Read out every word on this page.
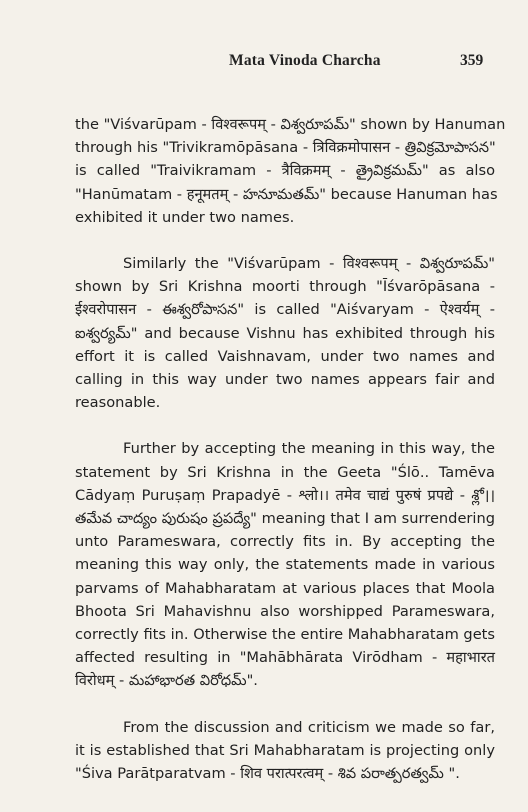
Mata Vinoda Charcha	359
the "Viśvarūpam - विश्वरूपम् - విశ్వరూపమ్" shown by Hanuman
through his "Trivikramōpāsana - त्रिविक्रमोपासन - త్రివిక్రమోపాసన"
is called "Traivikramam - त्रैविक्रमम् - త్రైవిక్రమమ్" as also
"Hanūmatam - हनूमतम् - హనూమతమ్" because Hanuman has
exhibited it under two names.
Similarly the "Viśvarūpam - विश्वरूपम् - విశ్వరూపమ్"
shown by Sri Krishna moorti through "Īśvarōpāsana -
ईश्वरोपासन - ఈశ్వరోపాసన" is called "Aiśvaryam - ऐश्वर्यम् -
ఐశ్వర్యమ్" and because Vishnu has exhibited through his
effort it is called Vaishnavam, under two names and
calling in this way under two names appears fair and
reasonable.
Further by accepting the meaning in this way, the
statement by Sri Krishna in the Geeta "Ślō.. Tamēva
Cādyaṃ Puruṣaṃ Prapadyē - श्लो।। तमेव चाद्यं पुरुषं प्रपद्ये - శ్లో।।
తమేవ చాద్యం పురుషం ప్రపద్యే" meaning that I am surrendering
unto Parameswara, correctly fits in. By accepting the
meaning this way only, the statements made in various
parvams of Mahabharatam at various places that Moola
Bhoota Sri Mahavishnu also worshipped Parameswara,
correctly fits in. Otherwise the entire Mahabharatam gets
affected resulting in "Mahābhārata Virōdham - महाभारत
विरोधम् - మహాభారత విరోధమ్".
From the discussion and criticism we made so far,
it is established that Sri Mahabharatam is projecting only
"Śiva Parātparatvam - शिव परात्परत्वम् - శివ పరాత్పరత్వమ్ ".
